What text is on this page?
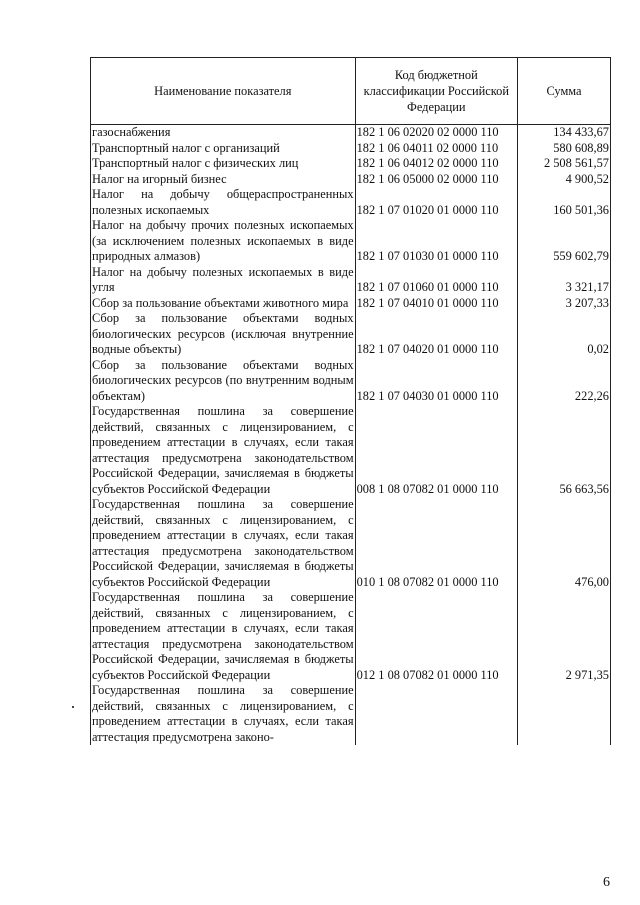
Наименование показателя	Код бюджетной классификации Российской Федерации	Сумма
газоснабжения	182 1 06 02020 02 0000 110	134 433,67
Транспортный налог с организаций	182 1 06 04011 02 0000 110	580 608,89
Транспортный налог с физических лиц	182 1 06 04012 02 0000 110	2 508 561,57
Налог на игорный бизнес	182 1 06 05000 02 0000 110	4 900,52
Налог на добычу общераспространенных полезных ископаемых	182 1 07 01020 01 0000 110	160 501,36
Налог на добычу прочих полезных ископаемых (за исключением полезных ископаемых в виде природных алмазов)	182 1 07 01030 01 0000 110	559 602,79
Налог на добычу полезных ископаемых в виде угля	182 1 07 01060 01 0000 110	3 321,17
Сбор за пользование объектами животного мира	182 1 07 04010 01 0000 110	3 207,33
Сбор за пользование объектами водных биологических ресурсов (исключая внутренние водные объекты)	182 1 07 04020 01 0000 110	0,02
Сбор за пользование объектами водных биологических ресурсов (по внутренним водным объектам)	182 1 07 04030 01 0000 110	222,26
Государственная пошлина за совершение действий, связанных с лицензированием, с проведением аттестации в случаях, если такая аттестация предусмотрена законодательством Российской Федерации, зачисляемая в бюджеты субъектов Российской Федерации	008 1 08 07082 01 0000 110	56 663,56
Государственная пошлина за совершение действий, связанных с лицензированием, с проведением аттестации в случаях, если такая аттестация предусмотрена законодательством Российской Федерации, зачисляемая в бюджеты субъектов Российской Федерации	010 1 08 07082 01 0000 110	476,00
Государственная пошлина за совершение действий, связанных с лицензированием, с проведением аттестации в случаях, если такая аттестация предусмотрена законодательством Российской Федерации, зачисляемая в бюджеты субъектов Российской Федерации	012 1 08 07082 01 0000 110	2 971,35
Государственная пошлина за совершение действий, связанных с лицензированием, с проведением аттестации в случаях, если такая аттестация предусмотрена законо-		
6
